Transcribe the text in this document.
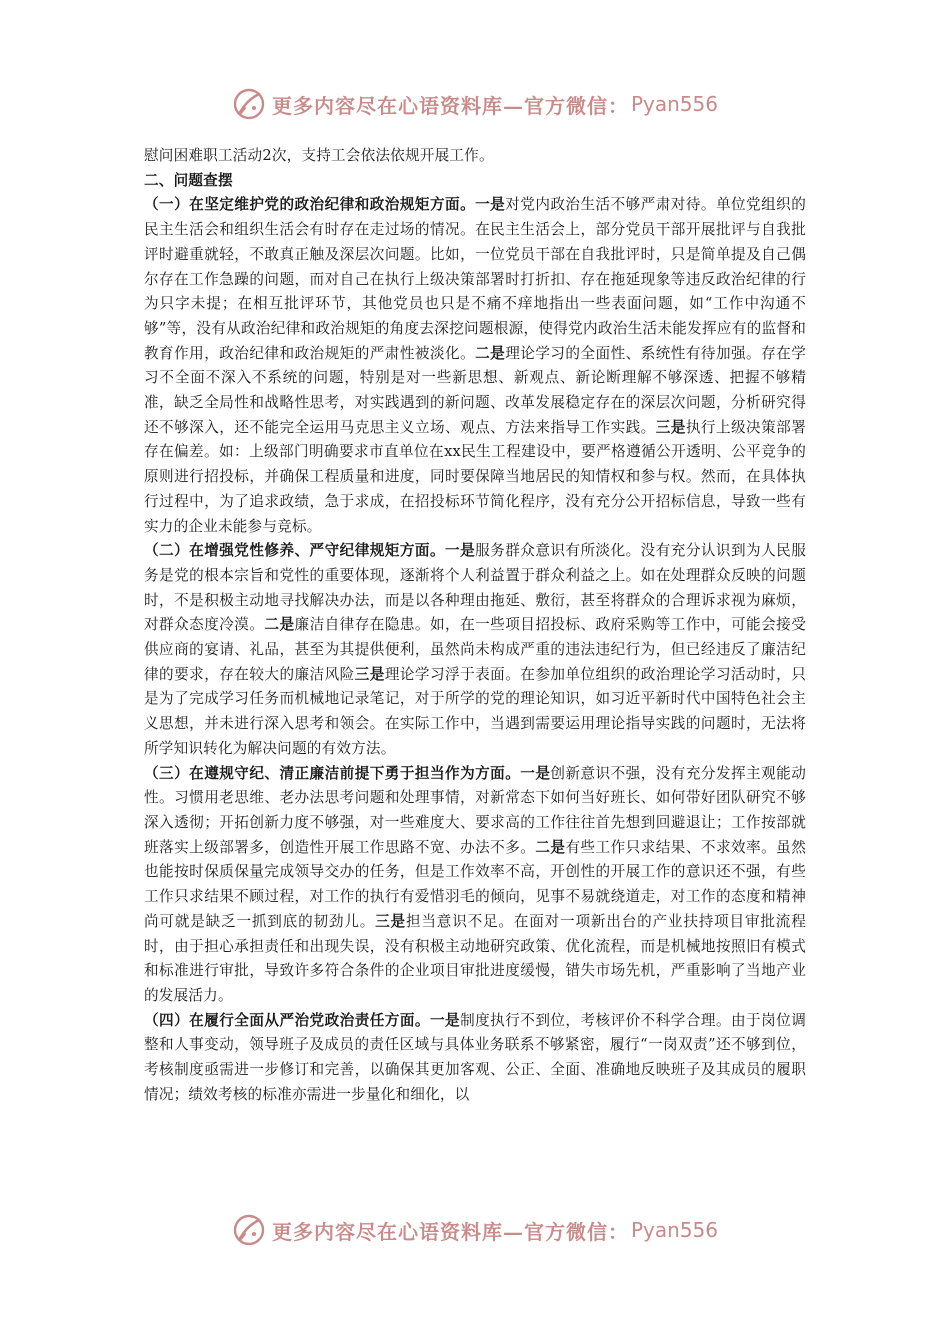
更多内容尽在心语资料库—官方微信： Pyan556

慰问困难职工活动2次，支持工会依法依规开展工作。

二、问题查摆

（一）在坚定维护党的政治纪律和政治规矩方面。一是对党内政治生活不够严肃对待。单位党组织的民主生活会和组织生活会有时存在走过场的情况。在民主生活会上，部分党员干部开展批评与自我批评时避重就轻，不敢真正触及深层次问题。比如，一位党员干部在自我批评时，只是简单提及自己偶尔存在工作急躁的问题，而对自己在执行上级决策部署时打折扣、存在拖延现象等违反政治纪律的行为只字未提；在相互批评环节，其他党员也只是不痛不痒地指出一些表面问题，如“工作中沟通不够”等，没有从政治纪律和政治规矩的角度去深挖问题根源，使得党内政治生活未能发挥应有的监督和教育作用，政治纪律和政治规矩的严肃性被淡化。二是理论学习的全面性、系统性有待加强。存在学习不全面不深入不系统的问题，特别是对一些新思想、新观点、新论断理解不够深透、把握不够精准，缺乏全局性和战略性思考，对实践遇到的新问题、改革发展稳定存在的深层次问题，分析研究得还不够深入，还不能完全运用马克思主义立场、观点、方法来指导工作实践。三是执行上级决策部署存在偏差。如：上级部门明确要求市直单位在xx民生工程建设中，要严格遵循公开透明、公平竞争的原则进行招投标，并确保工程质量和进度，同时要保障当地居民的知情权和参与权。然而，在具体执行过程中，为了追求政绩，急于求成，在招投标环节简化程序，没有充分公开招标信息，导致一些有实力的企业未能参与竞标。

（二）在增强党性修养、严守纪律规矩方面。一是服务群众意识有所淡化。没有充分认识到为人民服务是党的根本宗旨和党性的重要体现，逐渐将个人利益置于群众利益之上。如在处理群众反映的问题时，不是积极主动地寻找解决办法，而是以各种理由拖延、敷衍，甚至将群众的合理诉求视为麻烦，对群众态度冷漠。二是廉洁自律存在隐患。如，在一些项目招投标、政府采购等工作中，可能会接受供应商的宴请、礼品，甚至为其提供便利，虽然尚未构成严重的违法违纪行为，但已经违反了廉洁纪律的要求，存在较大的廉洁风险三是理论学习浮于表面。在参加单位组织的政治理论学习活动时，只是为了完成学习任务而机械地记录笔记，对于所学的党的理论知识，如习近平新时代中国特色社会主义思想，并未进行深入思考和领会。在实际工作中，当遇到需要运用理论指导实践的问题时，无法将所学知识转化为解决问题的有效方法。

（三）在遵规守纪、清正廉洁前提下勇于担当作为方面。一是创新意识不强，没有充分发挥主观能动性。习惯用老思维、老办法思考问题和处理事情，对新常态下如何当好班长、如何带好团队研究不够深入透彻；开拓创新力度不够强，对一些难度大、要求高的工作往往首先想到回避退让；工作按部就班落实上级部署多，创造性开展工作思路不宽、办法不多。二是有些工作只求结果、不求效率。虽然也能按时保质保量完成领导交办的任务，但是工作效率不高，开创性的开展工作的意识还不强，有些工作只求结果不顾过程，对工作的执行有爱惜羽毛的倾向，见事不易就绕道走，对工作的态度和精神尚可就是缺乏一抓到底的韧劲儿。三是担当意识不足。在面对一项新出台的产业扶持项目审批流程时，由于担心承担责任和出现失误，没有积极主动地研究政策、优化流程，而是机械地按照旧有模式和标准进行审批，导致许多符合条件的企业项目审批进度缓慢，错失市场先机，严重影响了当地产业的发展活力。

（四）在履行全面从严治党政治责任方面。一是制度执行不到位，考核评价不科学合理。由于岗位调整和人事变动，领导班子及成员的责任区域与具体业务联系不够紧密，履行“一岗双责”还不够到位，考核制度亟需进一步修订和完善，以确保其更加客观、公正、全面、准确地反映班子及其成员的履职情况；绩效考核的标准亦需进一步量化和细化，以

更多内容尽在心语资料库—官方微信： Pyan556
